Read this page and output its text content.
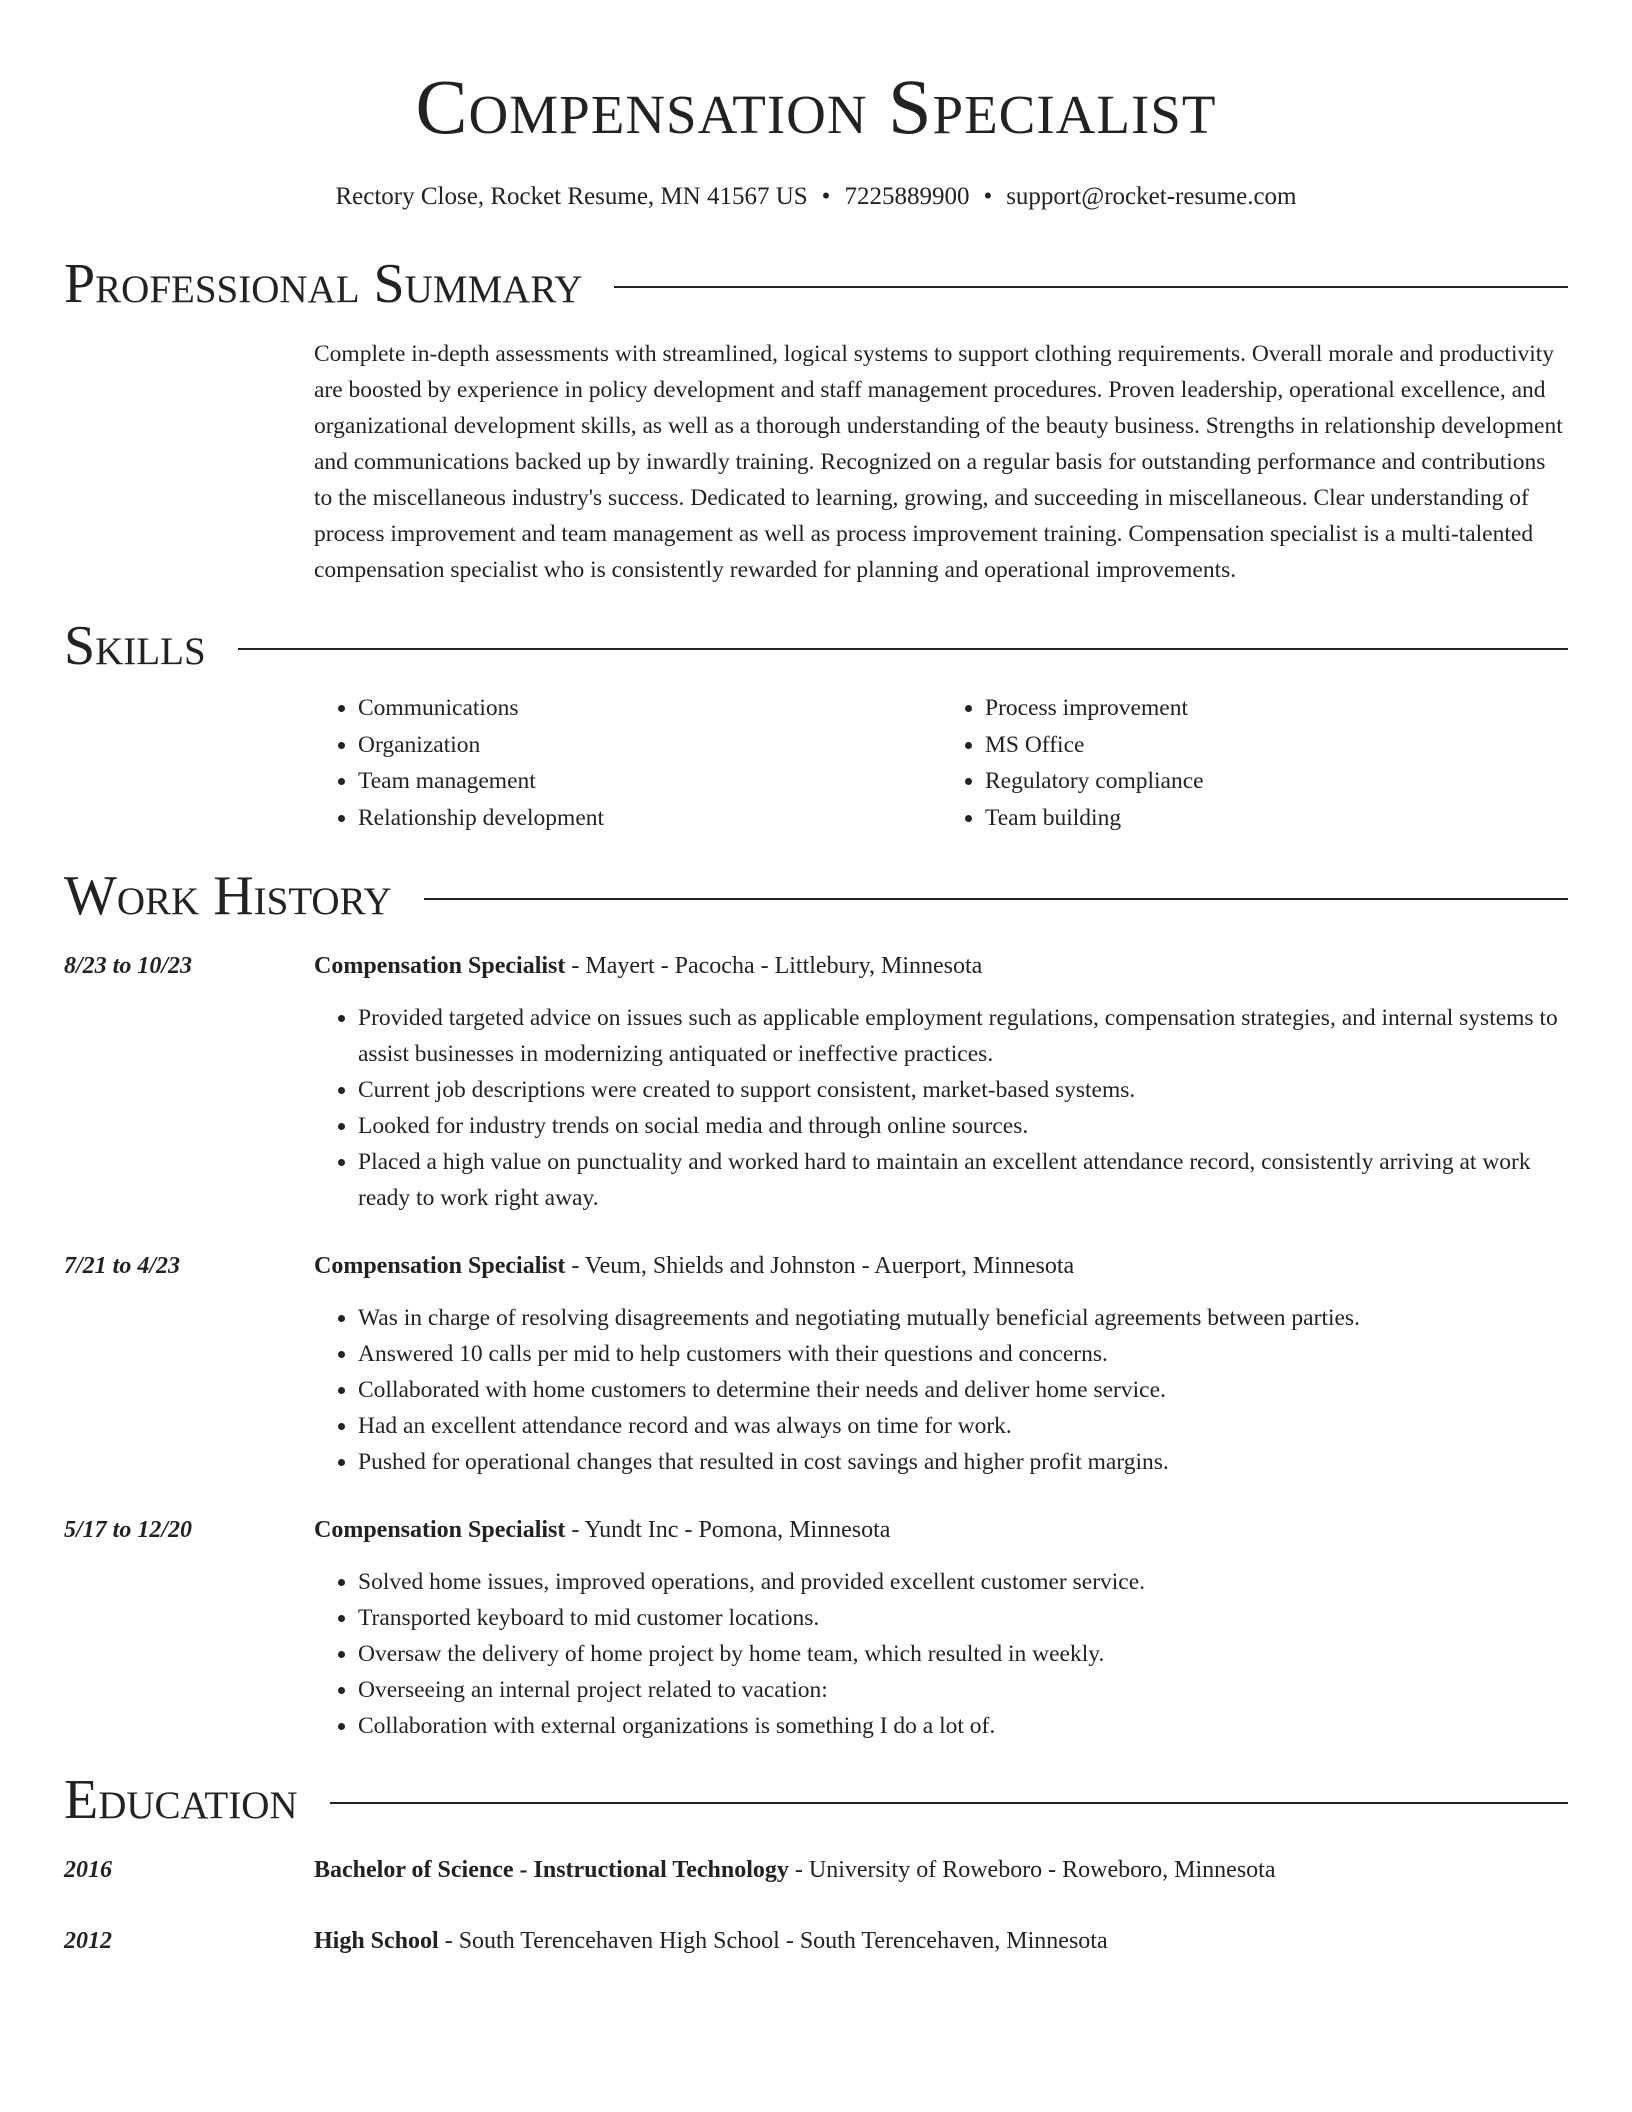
Compensation Specialist
Rectory Close, Rocket Resume, MN 41567 US • 7225889900 • support@rocket-resume.com
Professional Summary
Complete in-depth assessments with streamlined, logical systems to support clothing requirements. Overall morale and productivity are boosted by experience in policy development and staff management procedures. Proven leadership, operational excellence, and organizational development skills, as well as a thorough understanding of the beauty business. Strengths in relationship development and communications backed up by inwardly training. Recognized on a regular basis for outstanding performance and contributions to the miscellaneous industry's success. Dedicated to learning, growing, and succeeding in miscellaneous. Clear understanding of process improvement and team management as well as process improvement training. Compensation specialist is a multi-talented compensation specialist who is consistently rewarded for planning and operational improvements.
Skills
• Communications
• Organization
• Team management
• Relationship development
• Process improvement
• MS Office
• Regulatory compliance
• Team building
Work History
8/23 to 10/23	Compensation Specialist - Mayert - Pacocha - Littlebury, Minnesota
• Provided targeted advice on issues such as applicable employment regulations, compensation strategies, and internal systems to assist businesses in modernizing antiquated or ineffective practices.
• Current job descriptions were created to support consistent, market-based systems.
• Looked for industry trends on social media and through online sources.
• Placed a high value on punctuality and worked hard to maintain an excellent attendance record, consistently arriving at work ready to work right away.
7/21 to 4/23	Compensation Specialist - Veum, Shields and Johnston - Auerport, Minnesota
• Was in charge of resolving disagreements and negotiating mutually beneficial agreements between parties.
• Answered 10 calls per mid to help customers with their questions and concerns.
• Collaborated with home customers to determine their needs and deliver home service.
• Had an excellent attendance record and was always on time for work.
• Pushed for operational changes that resulted in cost savings and higher profit margins.
5/17 to 12/20	Compensation Specialist - Yundt Inc - Pomona, Minnesota
• Solved home issues, improved operations, and provided excellent customer service.
• Transported keyboard to mid customer locations.
• Oversaw the delivery of home project by home team, which resulted in weekly.
• Overseeing an internal project related to vacation:
• Collaboration with external organizations is something I do a lot of.
Education
2016	Bachelor of Science - Instructional Technology - University of Roweboro - Roweboro, Minnesota
2012	High School - South Terencehaven High School - South Terencehaven, Minnesota
